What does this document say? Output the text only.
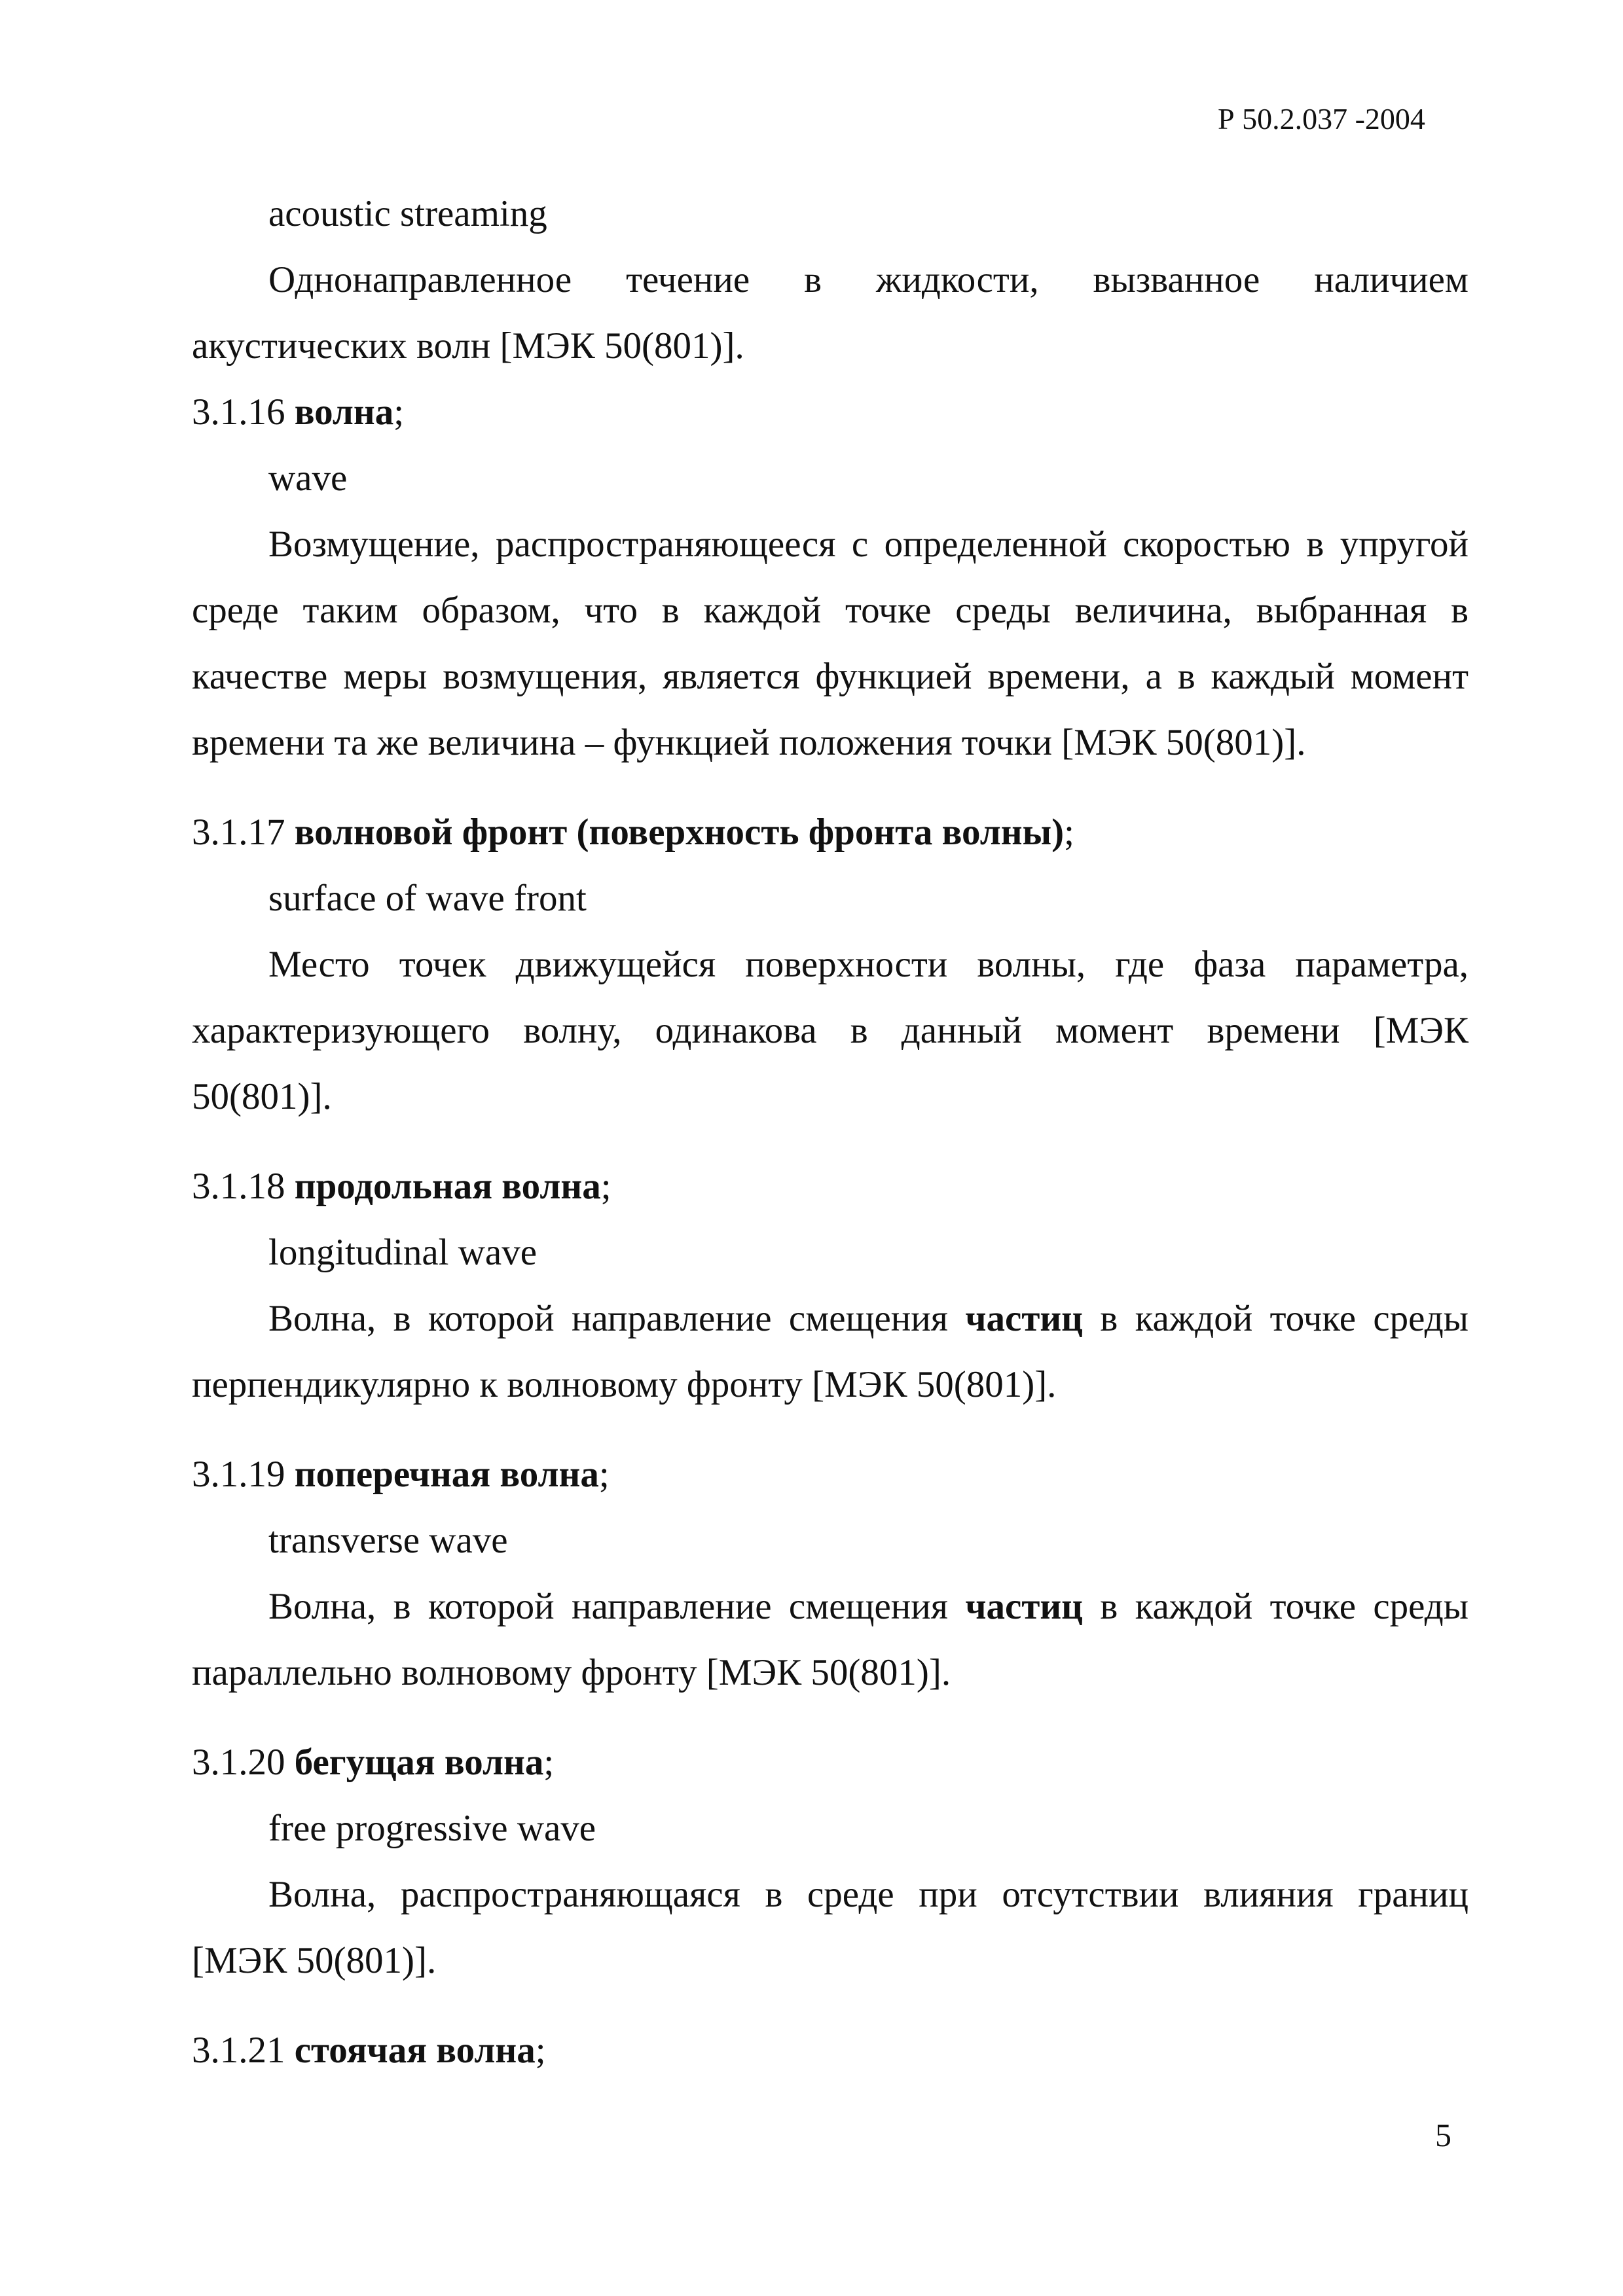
Р 50.2.037 -2004
acoustic streaming
Однонаправленное течение в жидкости, вызванное наличием
акустических волн [МЭК 50(801)].
3.1.16 волна;
wave
Возмущение, распространяющееся с определенной скоростью в упругой
среде таким образом, что в каждой точке среды величина, выбранная в
качестве меры возмущения, является функцией времени, а в каждый момент
времени та же величина – функцией положения точки [МЭК 50(801)].
3.1.17 волновой фронт (поверхность фронта волны);
surface of wave front
Место точек движущейся поверхности волны, где фаза параметра,
характеризующего волну, одинакова в данный момент времени [МЭК
50(801)].
3.1.18 продольная волна;
longitudinal wave
Волна, в которой направление смещения частиц в каждой точке среды
перпендикулярно к волновому фронту [МЭК 50(801)].
3.1.19 поперечная волна;
transverse wave
Волна, в которой направление смещения частиц в каждой точке среды
параллельно волновому фронту [МЭК 50(801)].
3.1.20 бегущая волна;
free progressive wave
Волна, распространяющаяся в среде при отсутствии влияния границ
[МЭК 50(801)].
3.1.21 стоячая волна;
5
